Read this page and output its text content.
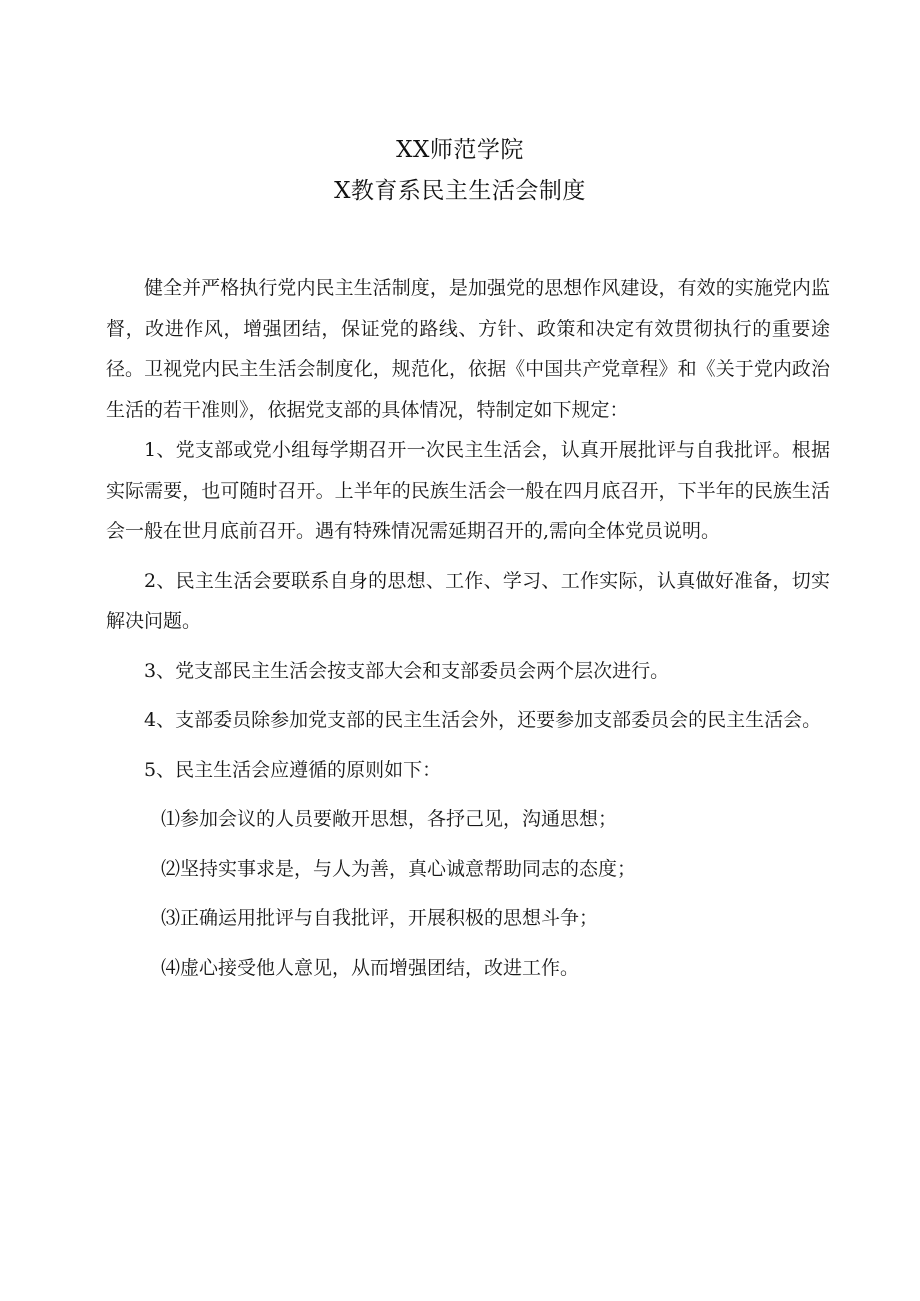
XX师范学院
X教育系民主生活会制度

健全并严格执行党内民主生活制度，是加强党的思想作风建设，有效的实施党内监督，改进作风，增强团结，保证党的路线、方针、政策和决定有效贯彻执行的重要途径。卫视党内民主生活会制度化，规范化，依据《中国共产党章程》和《关于党内政治生活的若干准则》，依据党支部的具体情况，特制定如下规定：

1、党支部或党小组每学期召开一次民主生活会，认真开展批评与自我批评。根据实际需要，也可随时召开。上半年的民族生活会一般在四月底召开，下半年的民族生活会一般在世月底前召开。遇有特殊情况需延期召开的,需向全体党员说明。

2、民主生活会要联系自身的思想、工作、学习、工作实际，认真做好准备，切实解决问题。

3、党支部民主生活会按支部大会和支部委员会两个层次进行。

4、支部委员除参加党支部的民主生活会外，还要参加支部委员会的民主生活会。

5、民主生活会应遵循的原则如下：

⑴参加会议的人员要敞开思想，各抒己见，沟通思想；

⑵坚持实事求是，与人为善，真心诚意帮助同志的态度；

⑶正确运用批评与自我批评，开展积极的思想斗争；

⑷虚心接受他人意见，从而增强团结，改进工作。
